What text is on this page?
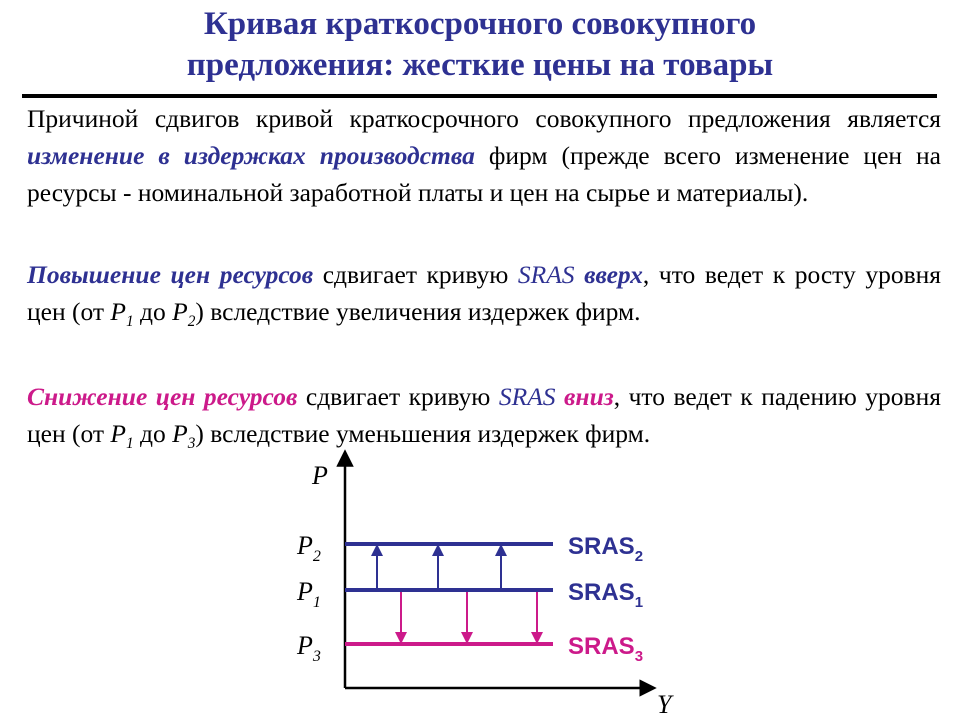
Кривая краткосрочного совокупного
предложения: жесткие цены на товары
Причиной сдвигов кривой краткосрочного совокупного предложения является изменение в издержках производства фирм (прежде всего изменение цен на ресурсы - номинальной заработной платы и цен на сырье и материалы).
Повышение цен ресурсов сдвигает кривую SRAS вверх, что ведет к росту уровня цен (от $P_1$ до $P_2$) вследствие увеличения издержек фирм.
Снижение цен ресурсов сдвигает кривую SRAS вниз, что ведет к падению уровня цен (от $P_1$ до $P_3$) вследствие уменьшения издержек фирм.
P
Y
$P_2$	$SRAS_2$
$P_1$	$SRAS_1$
$P_3$	$SRAS_3$
